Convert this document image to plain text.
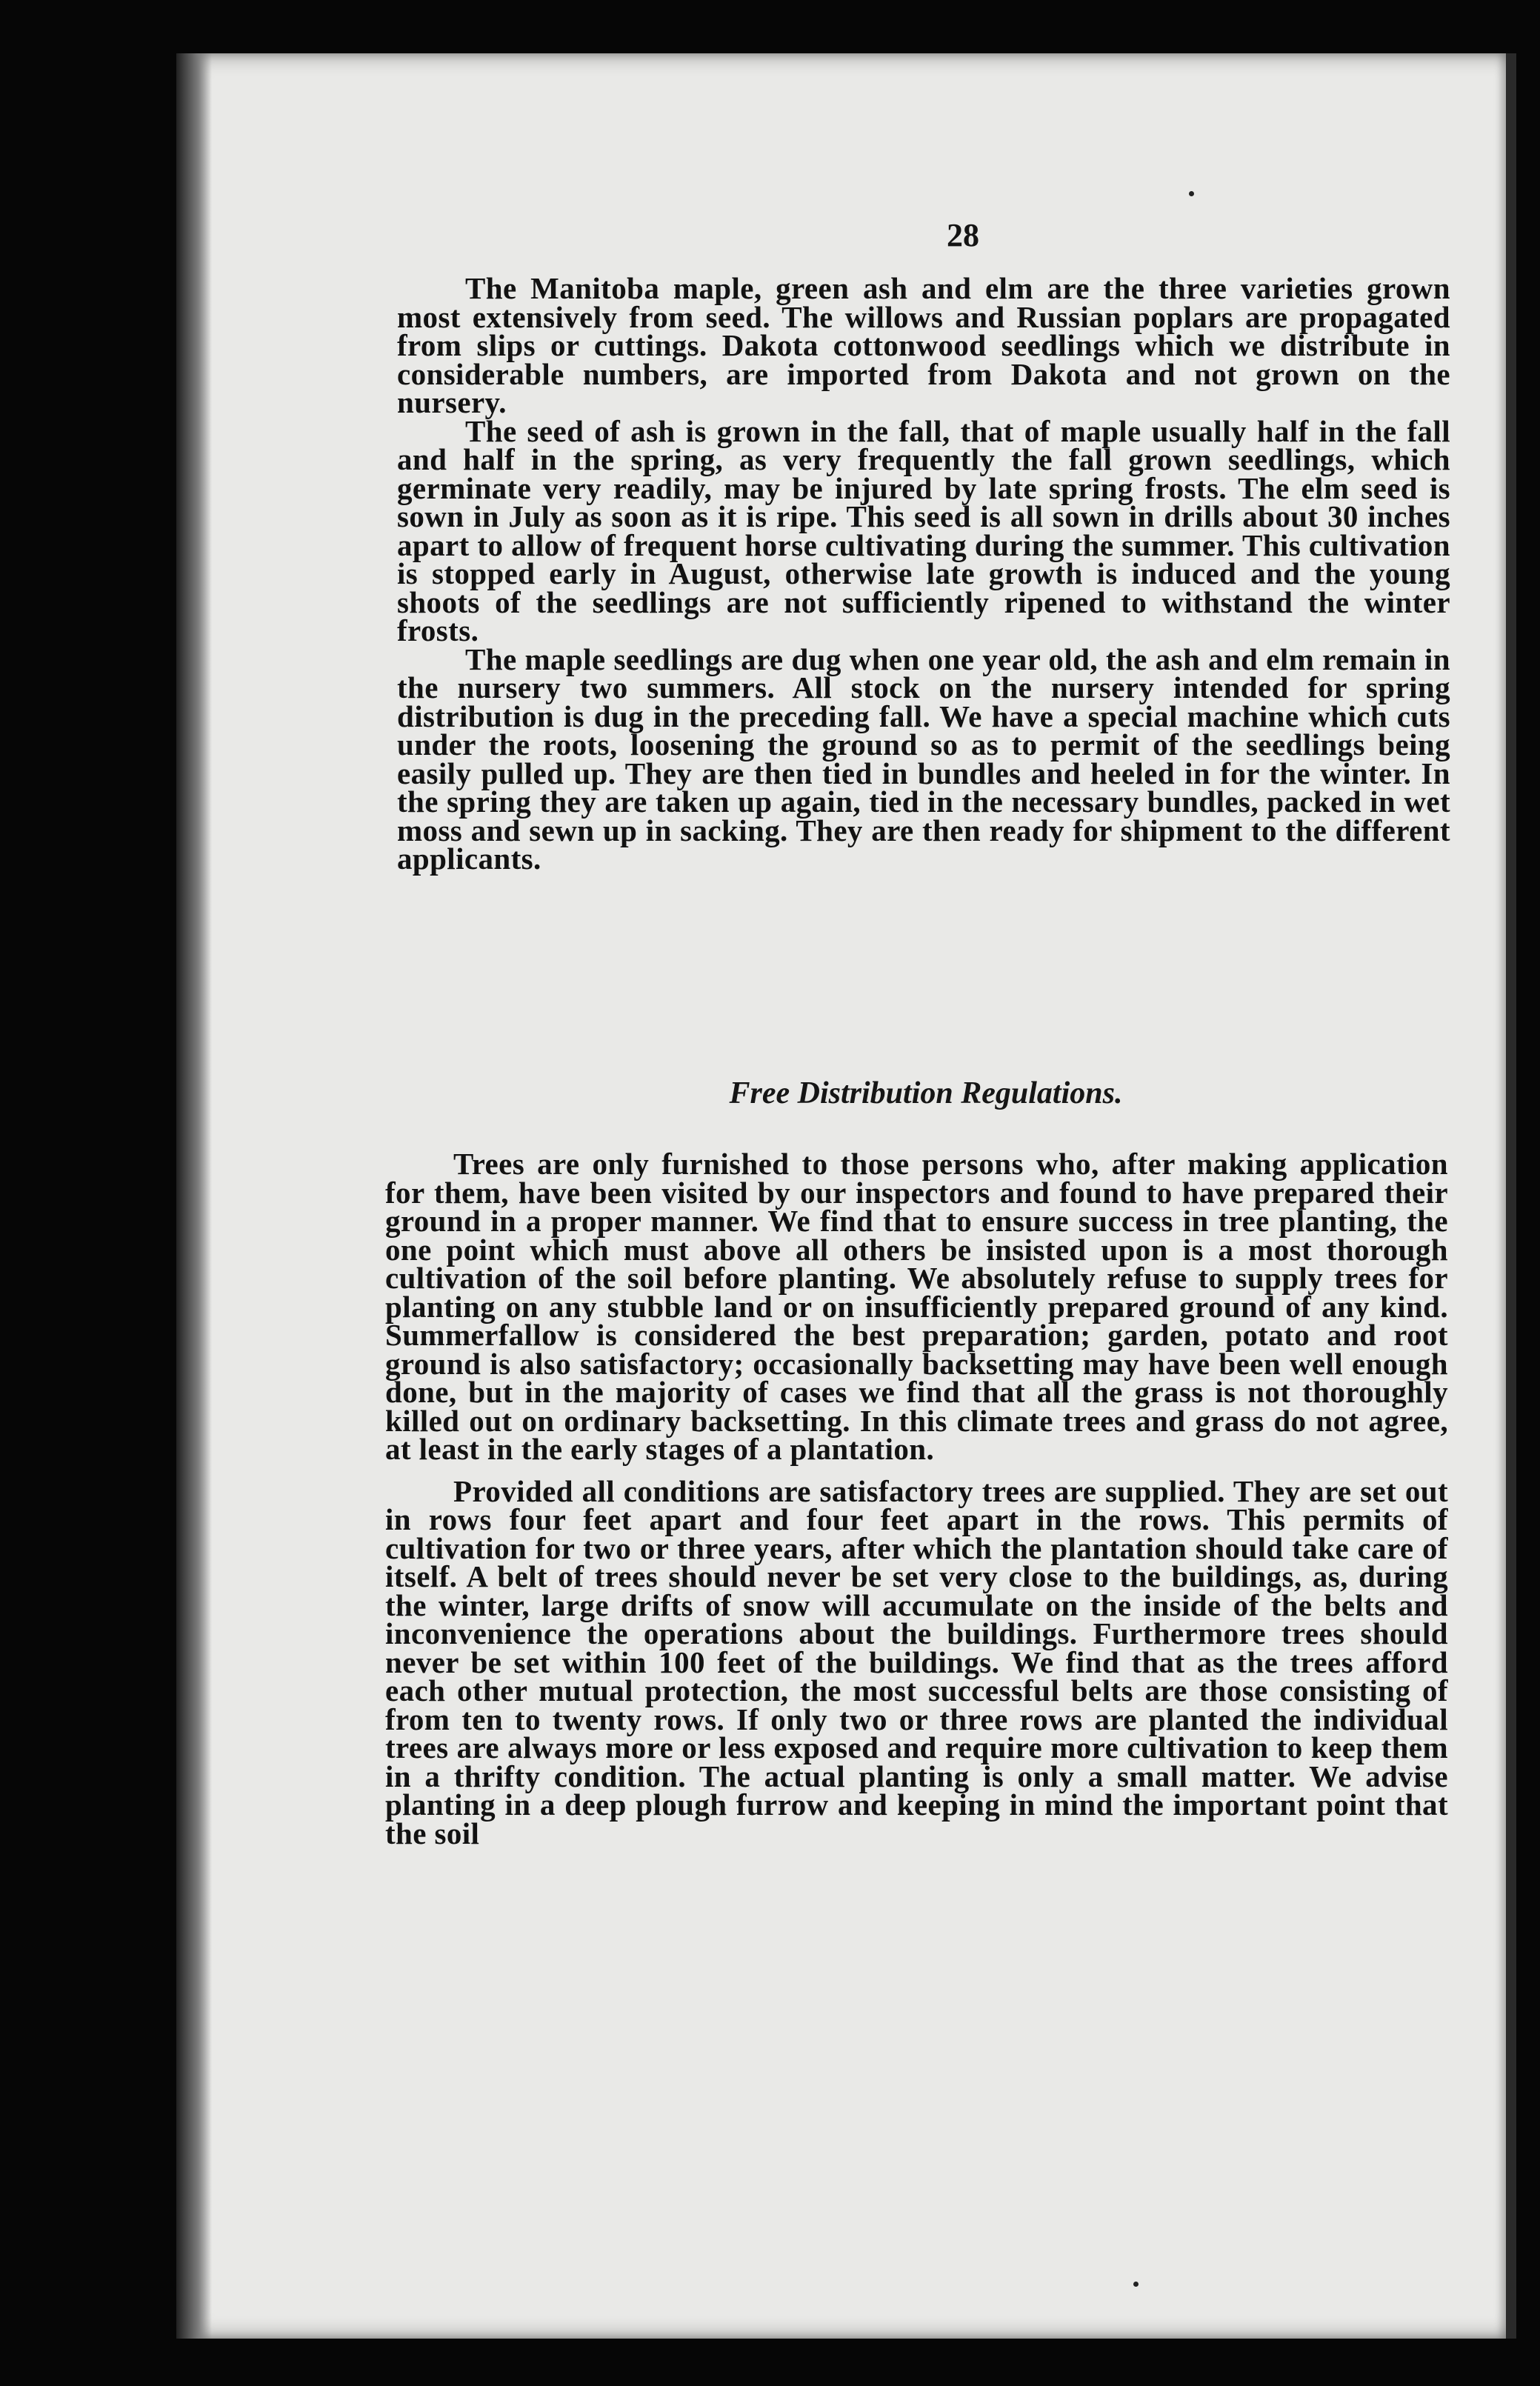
28

The Manitoba maple, green ash and elm are the three varieties grown most extensively from seed. The willows and Russian poplars are propagated from slips or cuttings. Dakota cottonwood seedlings which we distribute in considerable numbers, are imported from Dakota and not grown on the nursery.

The seed of ash is grown in the fall, that of maple usually half in the fall and half in the spring, as very frequently the fall grown seedlings, which germinate very readily, may be injured by late spring frosts. The elm seed is sown in July as soon as it is ripe. This seed is all sown in drills about 30 inches apart to allow of frequent horse cultivating during the summer. This cultivation is stopped early in August, otherwise late growth is induced and the young shoots of the seedlings are not sufficiently ripened to withstand the winter frosts.

The maple seedlings are dug when one year old, the ash and elm remain in the nursery two summers. All stock on the nursery intended for spring distribution is dug in the preceding fall. We have a special machine which cuts under the roots, loosening the ground so as to permit of the seedlings being easily pulled up. They are then tied in bundles and heeled in for the winter. In the spring they are taken up again, tied in the necessary bundles, packed in wet moss and sewn up in sacking. They are then ready for shipment to the different applicants.

Free Distribution Regulations.

Trees are only furnished to those persons who, after making application for them, have been visited by our inspectors and found to have prepared their ground in a proper manner. We find that to ensure success in tree planting, the one point which must above all others be insisted upon is a most thorough cultivation of the soil before planting. We absolutely refuse to supply trees for planting on any stubble land or on insufficiently prepared ground of any kind. Summerfallow is considered the best preparation; garden, potato and root ground is also satisfactory; occasionally backsetting may have been well enough done, but in the majority of cases we find that all the grass is not thoroughly killed out on ordinary backsetting. In this climate trees and grass do not agree, at least in the early stages of a plantation.

Provided all conditions are satisfactory trees are supplied. They are set out in rows four feet apart and four feet apart in the rows. This permits of cultivation for two or three years, after which the plantation should take care of itself. A belt of trees should never be set very close to the buildings, as, during the winter, large drifts of snow will accumulate on the inside of the belts and inconvenience the operations about the buildings. Furthermore trees should never be set within 100 feet of the buildings. We find that as the trees afford each other mutual protection, the most successful belts are those consisting of from ten to twenty rows. If only two or three rows are planted the individual trees are always more or less exposed and require more cultivation to keep them in a thrifty condition. The actual planting is only a small matter. We advise planting in a deep plough furrow and keeping in mind the important point that the soil
